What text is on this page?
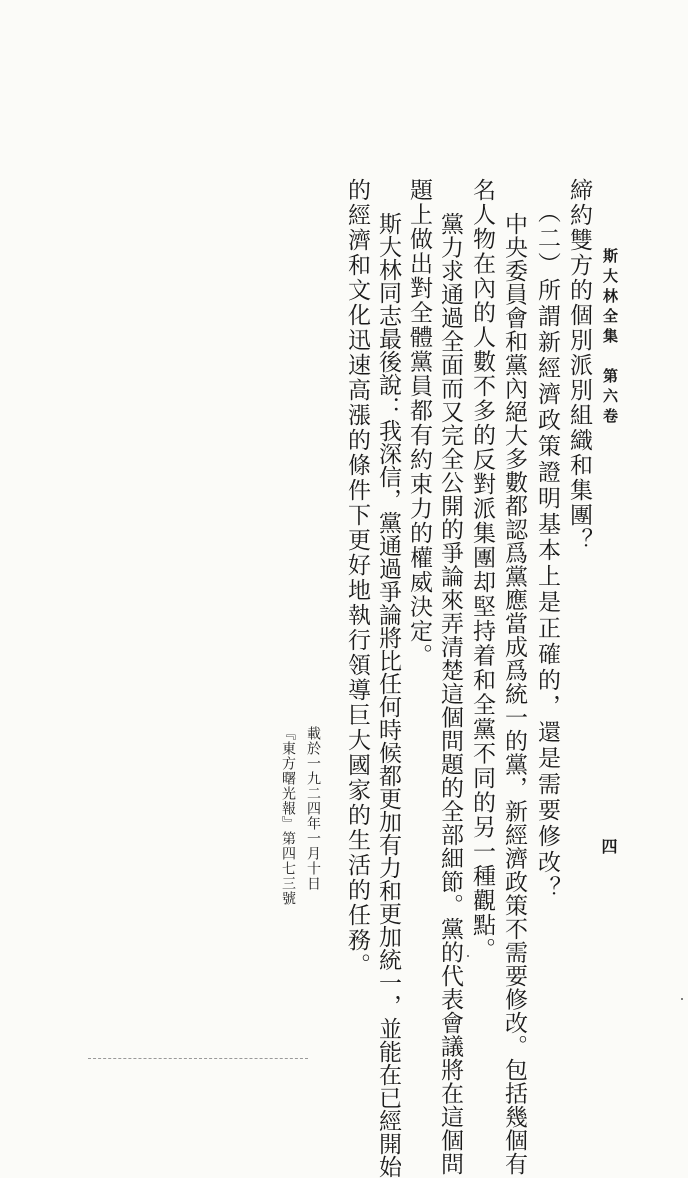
斯大林全集　第六卷
四
締約雙方的個別派別組織和集團？
（二）所謂新經濟政策證明基本上是正確的，還是需要修改？
中央委員會和黨內絕大多數都認爲黨應當成爲統一的黨，新經濟政策不需要修改。包括幾個有
名人物在內的人數不多的反對派集團却堅持着和全黨不同的另一種觀點。
黨力求通過全面而又完全公開的爭論來弄清楚這個問題的全部細節。黨的代表會議將在這個問
題上做出對全體黨員都有約束力的權威決定。
斯大林同志最後說：我深信，黨通過爭論將比任何時候都更加有力和更加統一，並能在已經開始
的經濟和文化迅速高漲的條件下更好地執行領導巨大國家的生活的任務。
載於一九二四年一月十日
『東方曙光報』第四七三號
